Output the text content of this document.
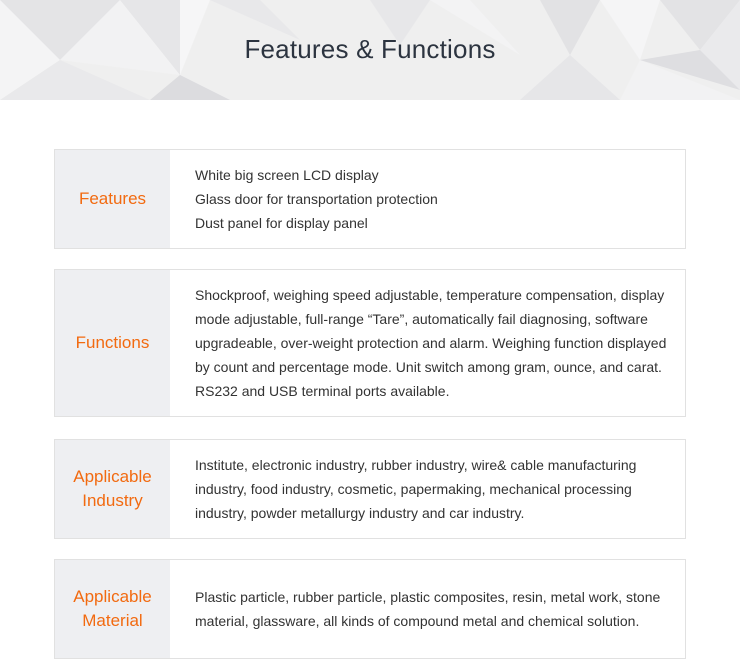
Features & Functions
Features
White big screen LCD display
Glass door for transportation protection
Dust panel for display panel
Functions
Shockproof, weighing speed adjustable, temperature compensation, display
mode adjustable, full-range “Tare”, automatically fail diagnosing, software
upgradeable, over-weight protection and alarm. Weighing function displayed
by count and percentage mode. Unit switch among gram, ounce, and carat.
RS232 and USB terminal ports available.
Applicable
Industry
Institute, electronic industry, rubber industry, wire& cable manufacturing
industry, food industry, cosmetic, papermaking, mechanical processing
industry, powder metallurgy industry and car industry.
Applicable
Material
Plastic particle, rubber particle, plastic composites, resin, metal work, stone
material, glassware, all kinds of compound metal and chemical solution.
